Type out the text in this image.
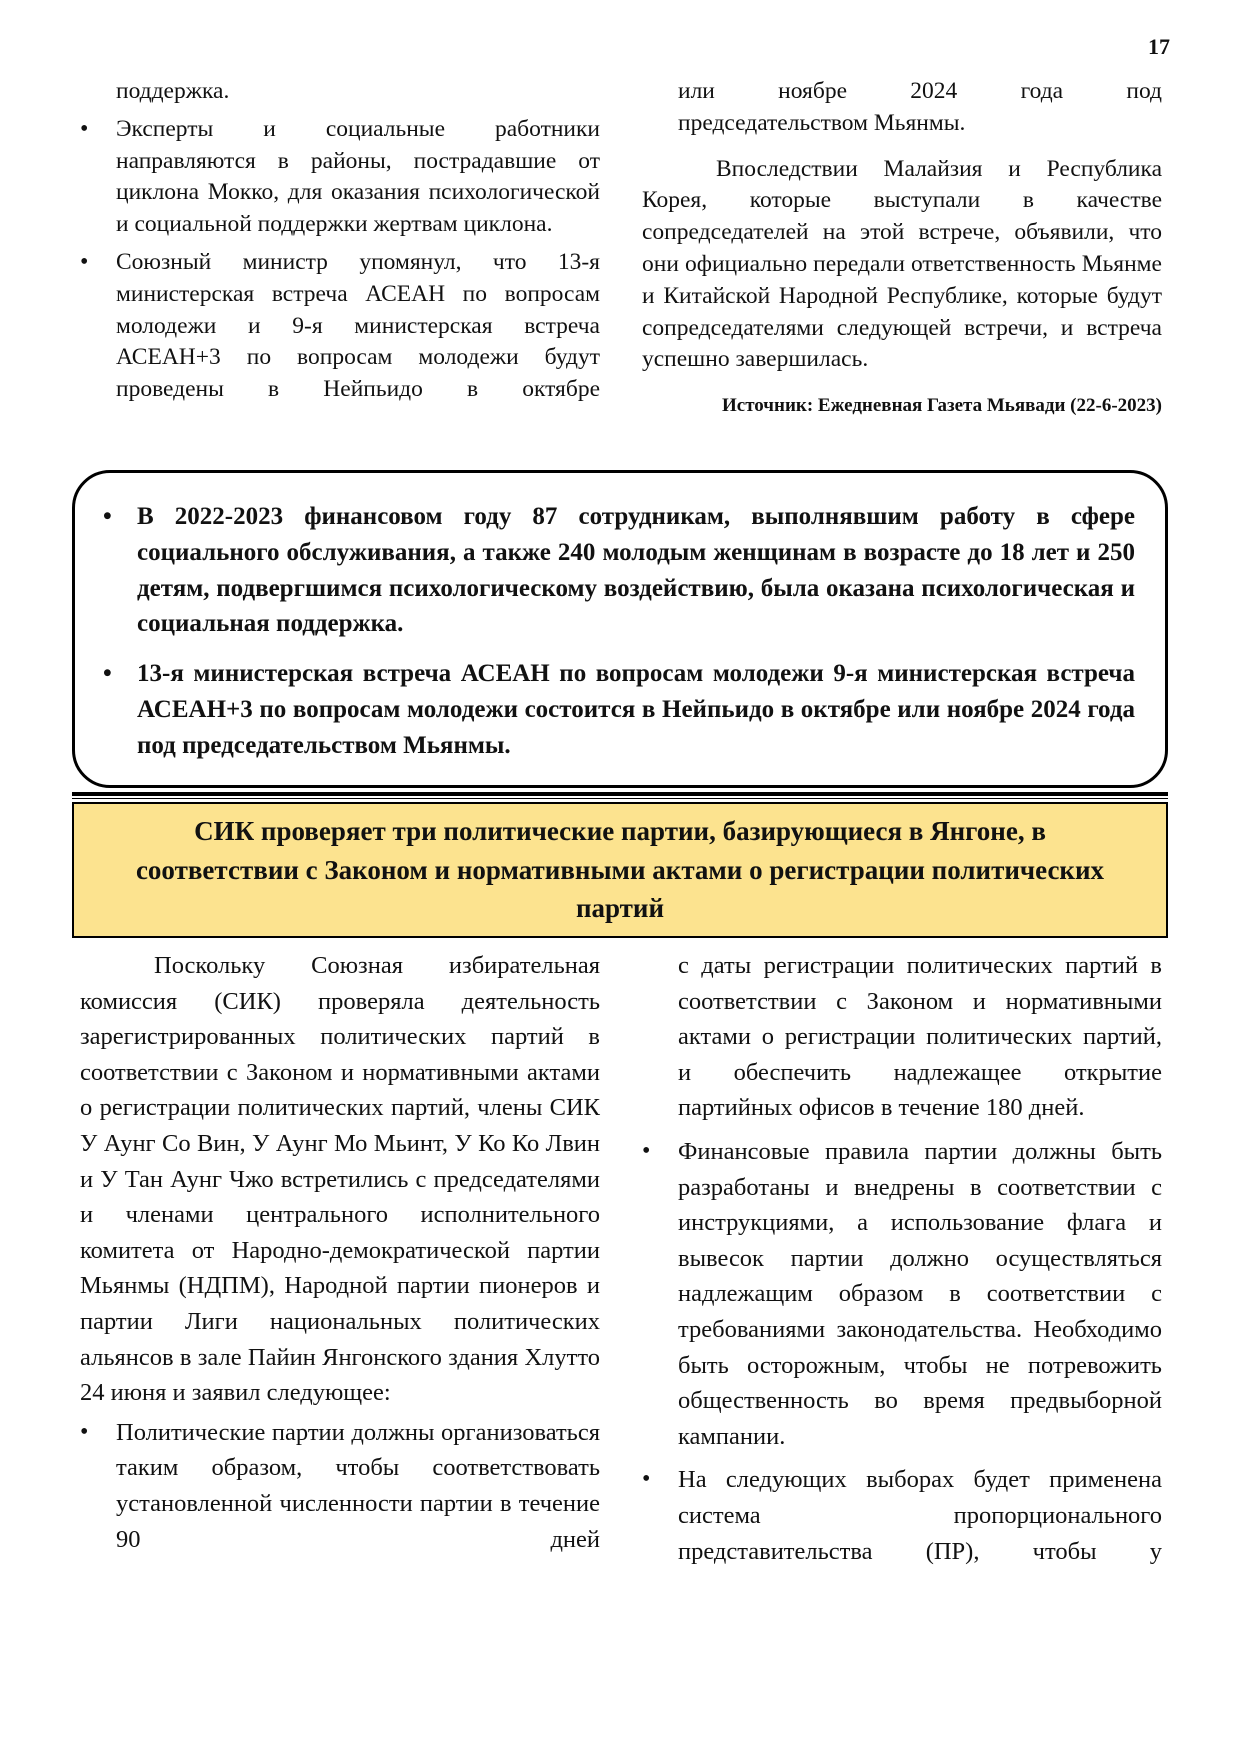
17

поддержка.

• Эксперты и социальные работники направляются в районы, пострадавшие от циклона Мокко, для оказания психологической и социальной поддержки жертвам циклона.
• Союзный министр упомянул, что 13-я министерская встреча АСЕАН по вопросам молодежи и 9-я министерская встреча АСЕАН+3 по вопросам молодежи будут проведены в Нейпьидо в октябре

или ноябре 2024 года под

председательством Мьянмы.

Впоследствии Малайзия и Республика Корея, которые выступали в качестве сопредседателей на этой встрече, объявили, что они официально передали ответственность Мьянме и Китайской Народной Республике, которые будут сопредседателями следующей встречи, и встреча успешно завершилась.

Источник: Ежедневная Газета Мьявади (22-6-2023)

• В 2022-2023 финансовом году 87 сотрудникам, выполнявшим работу в сфере социального обслуживания, а также 240 молодым женщинам в возрасте до 18 лет и 250 детям, подвергшимся психологическому воздействию, была оказана психологическая и социальная поддержка.
• 13-я министерская встреча АСЕАН по вопросам молодежи 9-я министерская встреча АСЕАН+3 по вопросам молодежи состоится в Нейпьидо в октябре или ноябре 2024 года под председательством Мьянмы.
СИК проверяет три политические партии, базирующиеся в Янгоне, в соответствии с Законом и нормативными актами о регистрации политических партий

Поскольку Союзная избирательная комиссия (СИК) проверяла деятельность зарегистрированных политических партий в соответствии с Законом и нормативными актами о регистрации политических партий, члены СИК У Аунг Со Вин, У Аунг Мо Мьинт, У Ко Ко Лвин и У Тан Аунг Чжо встретились с председателями и членами центрального исполнительного комитета от Народно-демократической партии Мьянмы (НДПМ), Народной партии пионеров и партии Лиги национальных политических альянсов в зале Пайин Янгонского здания Хлутто 24 июня и заявил следующее:

• Политические партии должны организоваться таким образом, чтобы соответствовать установленной численности партии в течение 90 дней

с даты регистрации политических партий в соответствии с Законом и нормативными актами о регистрации политических партий, и обеспечить надлежащее открытие партийных офисов в течение 180 дней.

• Финансовые правила партии должны быть разработаны и внедрены в соответствии с инструкциями, а использование флага и вывесок партии должно осуществляться надлежащим образом в соответствии с требованиями законодательства. Необходимо быть осторожным, чтобы не потревожить общественность во время предвыборной кампании.
• На следующих выборах будет применена система пропорционального представительства (ПР), чтобы у
